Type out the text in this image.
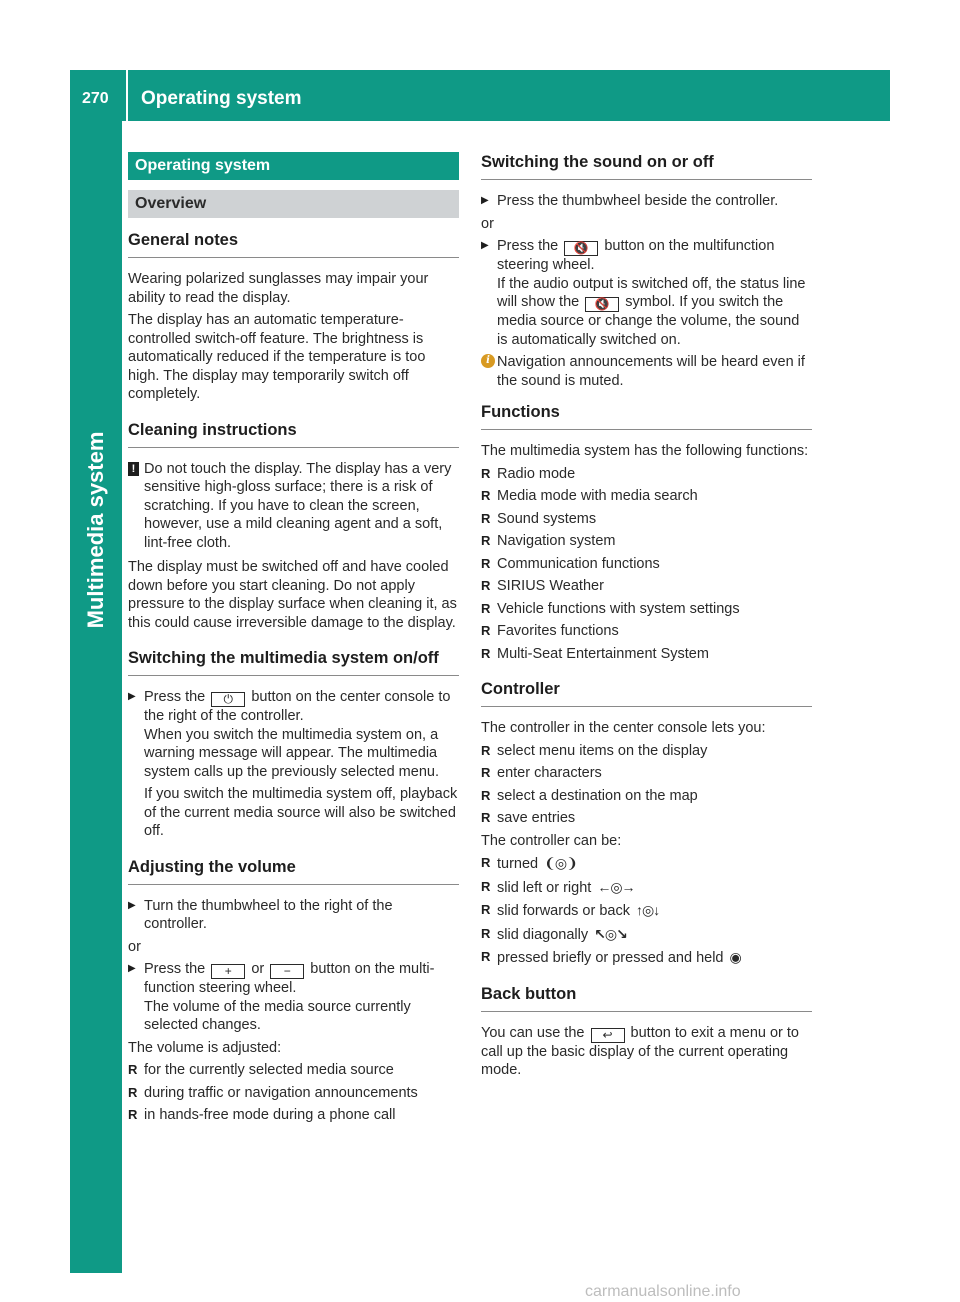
270 Operating system
Multimedia system
Operating system
Overview
General notes

Wearing polarized sunglasses may impair your ability to read the display.

The display has an automatic temperature-controlled switch-off feature. The brightness is automatically reduced if the temperature is too high. The display may temporarily switch off completely.

Cleaning instructions
! Do not touch the display. The display has a very sensitive high-gloss surface; there is a risk of scratching. If you have to clean the screen, however, use a mild cleaning agent and a soft, lint-free cloth.

The display must be switched off and have cooled down before you start cleaning. Do not apply pressure to the display surface when cleaning it, as this could cause irreversible damage to the display.

Switching the multimedia system on/off
▶ Press the ⏻ button on the center console to the right of the controller.
When you switch the multimedia system on, a warning message will appear. The multimedia system calls up the previously selected menu.
If you switch the multimedia system off, playback of the current media source will also be switched off.
Adjusting the volume
▶ Turn the thumbwheel to the right of the controller.

or

▶ Press the + or − button on the multi-function steering wheel.
The volume of the media source currently selected changes.

The volume is adjusted:

R for the currently selected media source
R during traffic or navigation announcements
R in hands-free mode during a phone call
Switching the sound on or off
▶ Press the thumbwheel beside the controller.

or

▶ Press the 🔇 button on the multifunction steering wheel.
If the audio output is switched off, the status line will show the 🔇 symbol. If you switch the media source or change the volume, the sound is automatically switched on.
i Navigation announcements will be heard even if the sound is muted.
Functions

The multimedia system has the following functions:

R Radio mode
R Media mode with media search
R Sound systems
R Navigation system
R Communication functions
R SIRIUS Weather
R Vehicle functions with system settings
R Favorites functions
R Multi-Seat Entertainment System
Controller

The controller in the center console lets you:

R select menu items on the display
R enter characters
R select a destination on the map
R save entries

The controller can be:

R turned ❨◎❩
R slid left or right ←◎→
R slid forwards or back ↑◎↓
R slid diagonally ↖◎↘
R pressed briefly or pressed and held ◉
Back button

You can use the ↩ button to exit a menu or to call up the basic display of the current operating mode.

carmanualsonline.info
